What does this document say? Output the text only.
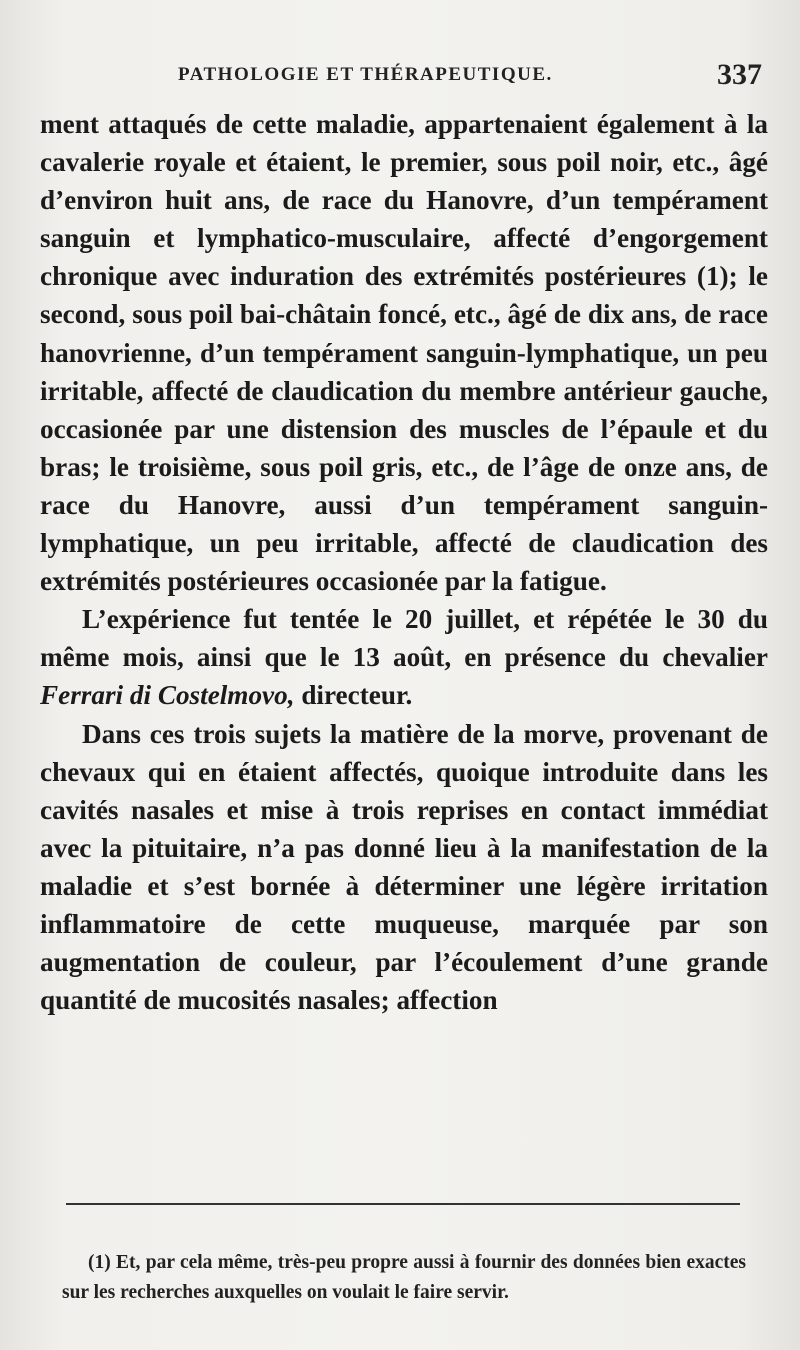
PATHOLOGIE ET THÉRAPEUTIQUE.	337

ment attaqués de cette maladie, appartenaient également à la cavalerie royale et étaient, le premier, sous poil noir, etc., âgé d’environ huit ans, de race du Hanovre, d’un tempérament sanguin et lymphatico-musculaire, affecté d’engorgement chronique avec induration des extrémités postérieures (1); le second, sous poil bai-châtain foncé, etc., âgé de dix ans, de race hanovrienne, d’un tempérament sanguin-lymphatique, un peu irritable, affecté de claudication du membre antérieur gauche, occasionée par une distension des muscles de l’épaule et du bras; le troisième, sous poil gris, etc., de l’âge de onze ans, de race du Hanovre, aussi d’un tempérament sanguin-lymphatique, un peu irritable, affecté de claudication des extrémités postérieures occasionée par la fatigue.

L’expérience fut tentée le 20 juillet, et répétée le 30 du même mois, ainsi que le 13 août, en présence du chevalier Ferrari di Costelmovo, directeur.

Dans ces trois sujets la matière de la morve, provenant de chevaux qui en étaient affectés, quoique introduite dans les cavités nasales et mise à trois reprises en contact immédiat avec la pituitaire, n’a pas donné lieu à la manifestation de la maladie et s’est bornée à déterminer une légère irritation inflammatoire de cette muqueuse, marquée par son augmentation de couleur, par l’écoulement d’une grande quantité de mucosités nasales; affection

(1) Et, par cela même, très-peu propre aussi à fournir des données bien exactes sur les recherches auxquelles on voulait le faire servir.
